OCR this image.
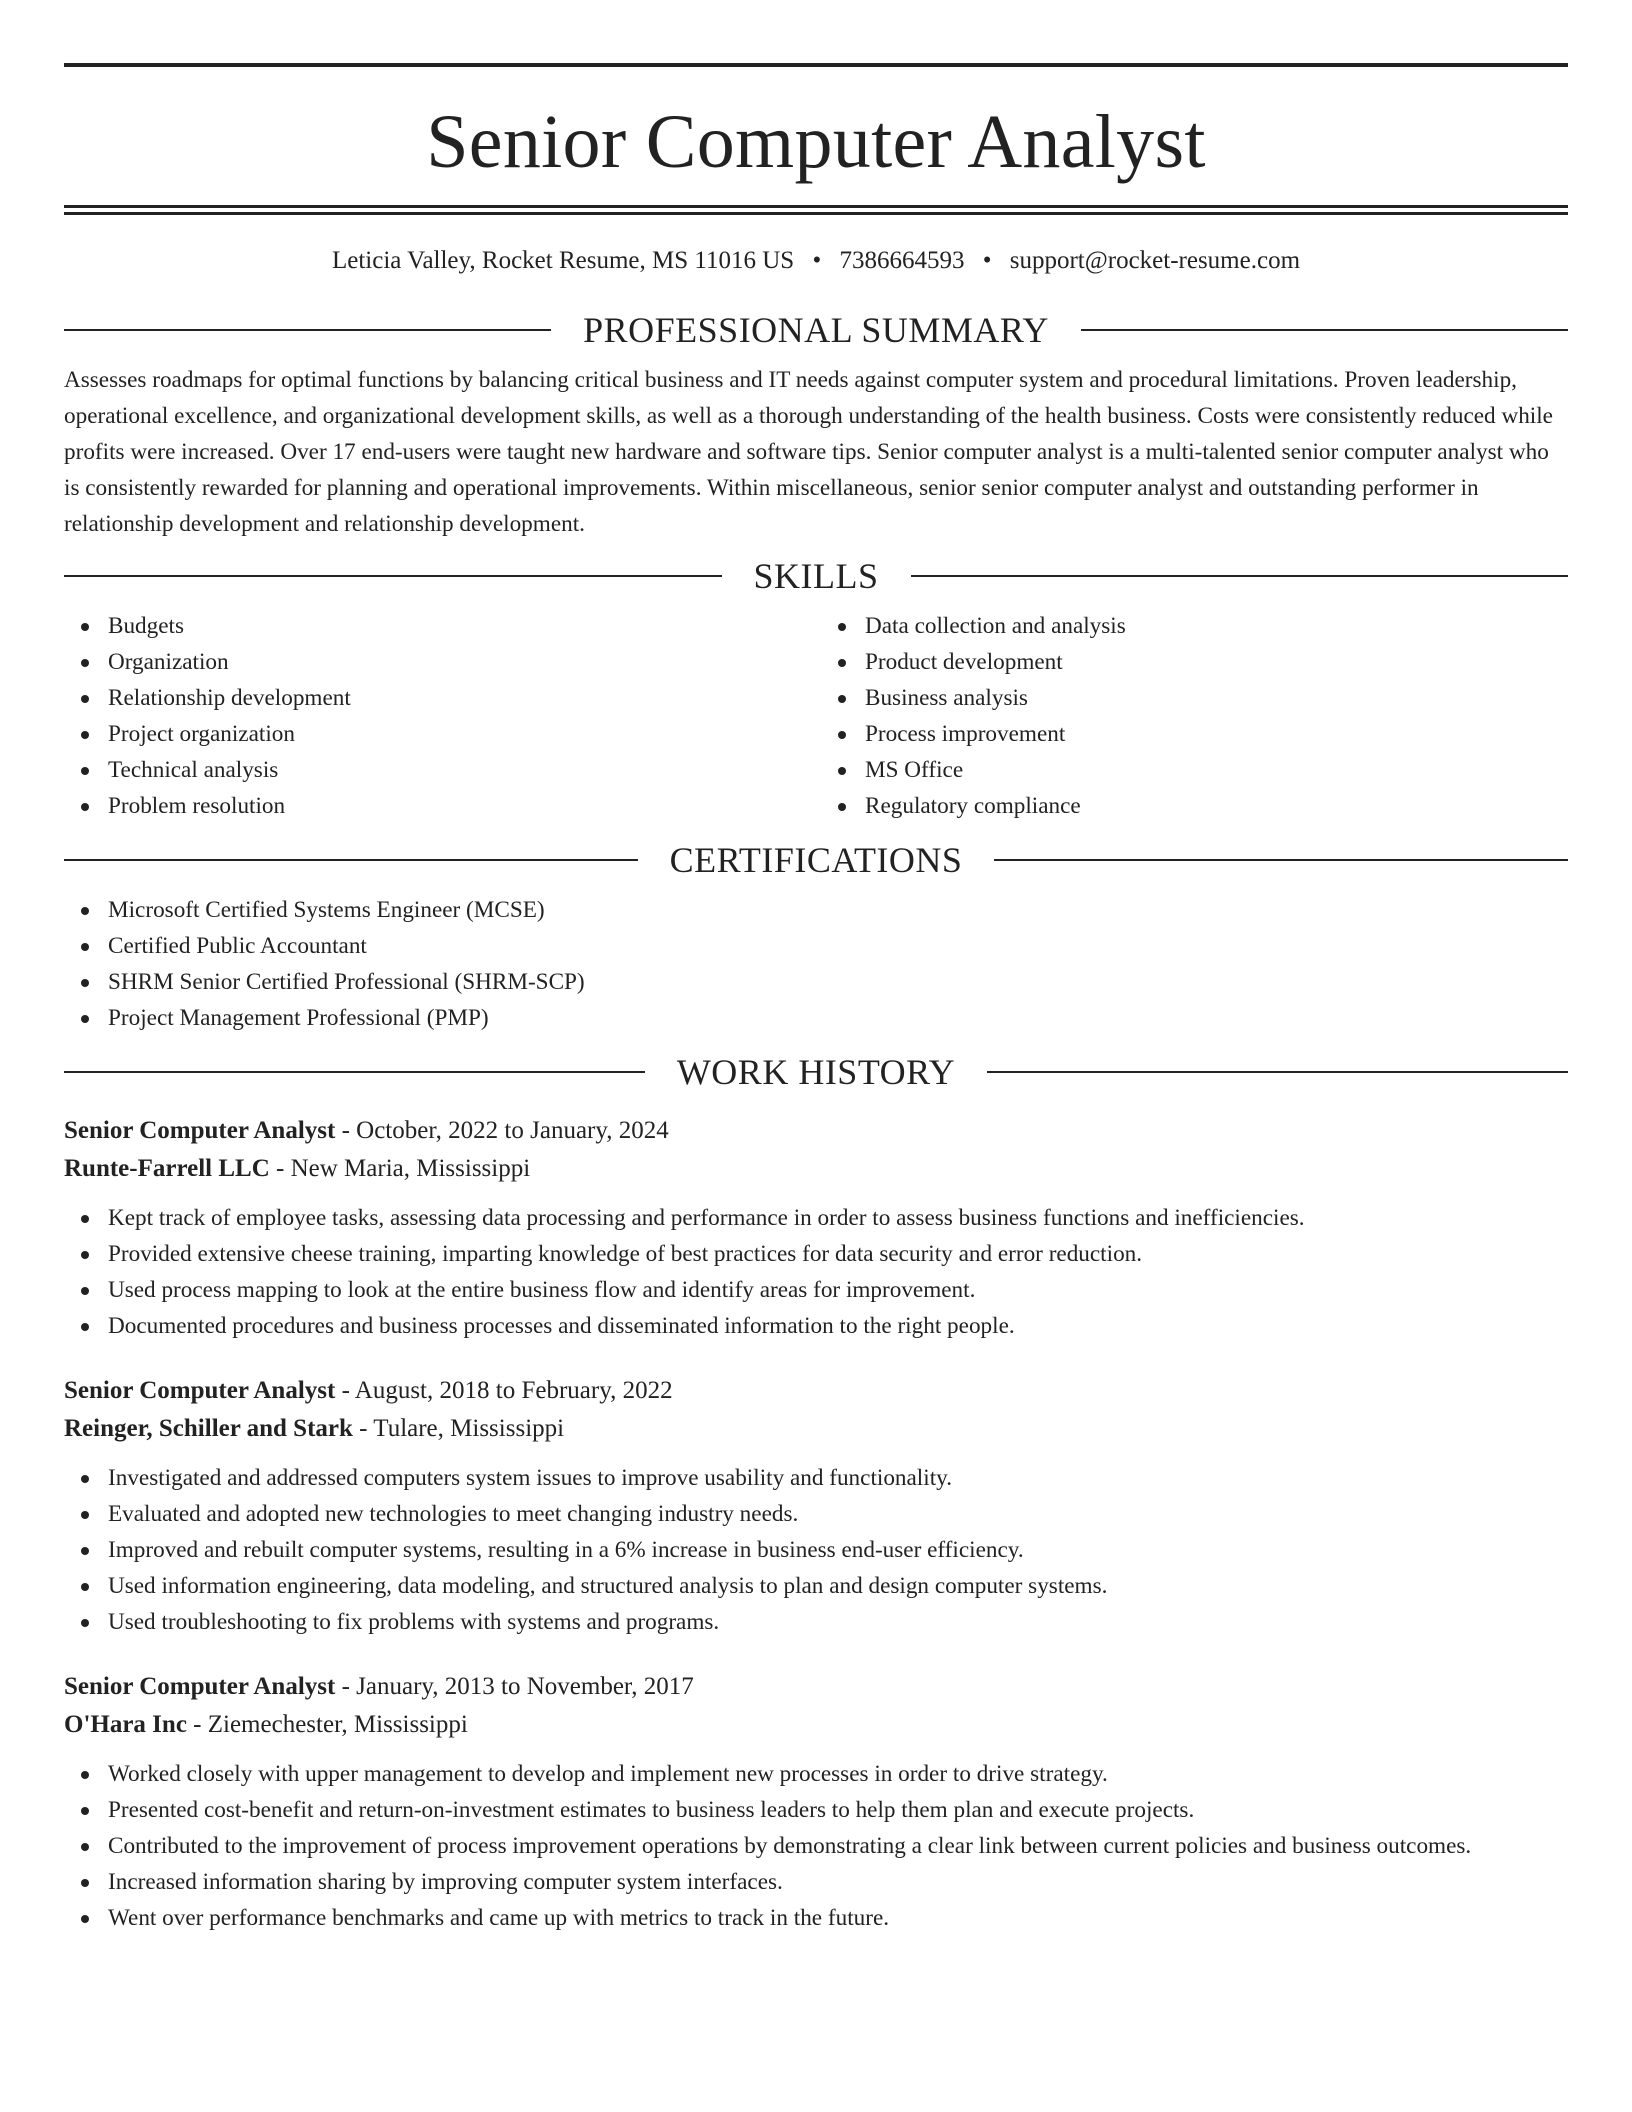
Senior Computer Analyst
Leticia Valley, Rocket Resume, MS 11016 US • 7386664593 • support@rocket-resume.com
PROFESSIONAL SUMMARY

Assesses roadmaps for optimal functions by balancing critical business and IT needs against computer system and procedural limitations. Proven leadership, operational excellence, and organizational development skills, as well as a thorough understanding of the health business. Costs were consistently reduced while profits were increased. Over 17 end-users were taught new hardware and software tips. Senior computer analyst is a multi-talented senior computer analyst who is consistently rewarded for planning and operational improvements. Within miscellaneous, senior senior computer analyst and outstanding performer in relationship development and relationship development.

SKILLS
Budgets
Organization
Relationship development
Project organization
Technical analysis
Problem resolution
Data collection and analysis
Product development
Business analysis
Process improvement
MS Office
Regulatory compliance
CERTIFICATIONS
Microsoft Certified Systems Engineer (MCSE)
Certified Public Accountant
SHRM Senior Certified Professional (SHRM-SCP)
Project Management Professional (PMP)
WORK HISTORY
Senior Computer Analyst - October, 2022 to January, 2024
Runte-Farrell LLC - New Maria, Mississippi
Kept track of employee tasks, assessing data processing and performance in order to assess business functions and inefficiencies.
Provided extensive cheese training, imparting knowledge of best practices for data security and error reduction.
Used process mapping to look at the entire business flow and identify areas for improvement.
Documented procedures and business processes and disseminated information to the right people.
Senior Computer Analyst - August, 2018 to February, 2022
Reinger, Schiller and Stark - Tulare, Mississippi
Investigated and addressed computers system issues to improve usability and functionality.
Evaluated and adopted new technologies to meet changing industry needs.
Improved and rebuilt computer systems, resulting in a 6% increase in business end-user efficiency.
Used information engineering, data modeling, and structured analysis to plan and design computer systems.
Used troubleshooting to fix problems with systems and programs.
Senior Computer Analyst - January, 2013 to November, 2017
O'Hara Inc - Ziemechester, Mississippi
Worked closely with upper management to develop and implement new processes in order to drive strategy.
Presented cost-benefit and return-on-investment estimates to business leaders to help them plan and execute projects.
Contributed to the improvement of process improvement operations by demonstrating a clear link between current policies and business outcomes.
Increased information sharing by improving computer system interfaces.
Went over performance benchmarks and came up with metrics to track in the future.
